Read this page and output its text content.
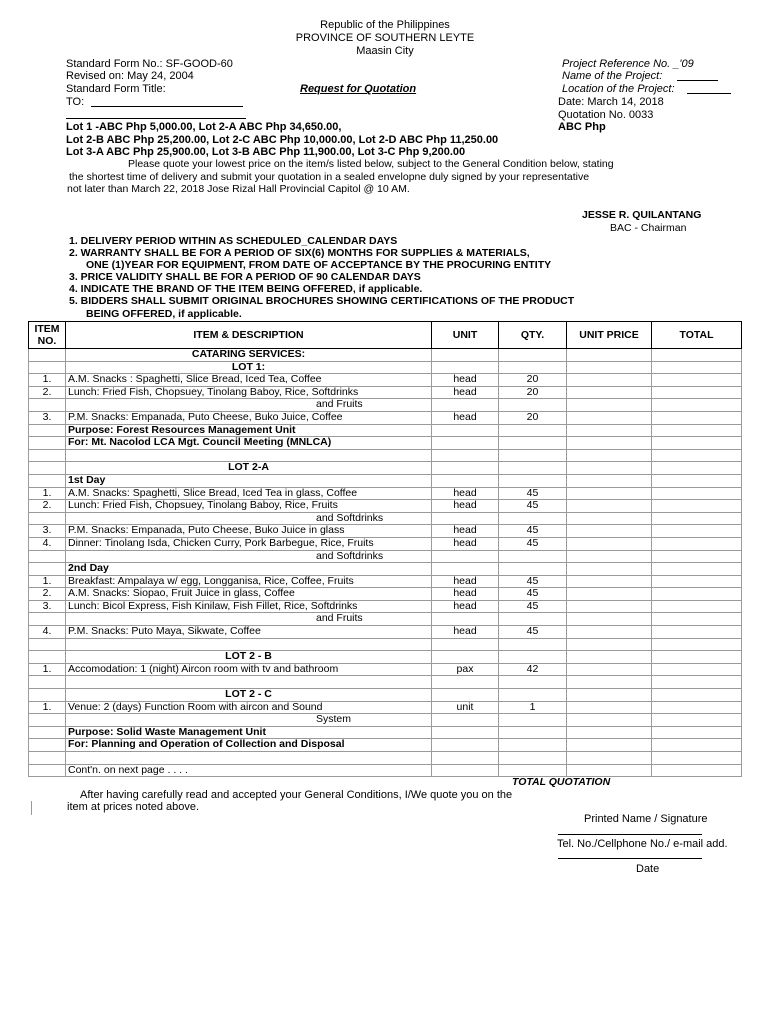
Republic of the Philippines
PROVINCE OF SOUTHERN LEYTE
Maasin City
Standard Form No.: SF-GOOD-60
Revised on: May 24, 2004
Standard Form Title:
TO:
Request for Quotation
Project Reference No. _'09
Name of the Project:
Location of the Project:
Date: March 14, 2018
Quotation No. 0033
ABC Php
Lot 1 -ABC Php 5,000.00, Lot 2-A ABC Php 34,650.00,
Lot 2-B ABC Php 25,200.00, Lot 2-C ABC Php 10,000.00, Lot 2-D ABC Php 11,250.00
Lot 3-A ABC Php 25,900.00, Lot 3-B ABC Php 11,900.00, Lot 3-C Php 9,200.00
Please quote your lowest price on the item/s listed below, subject to the General Condition below, stating
the shortest time of delivery and submit your quotation in a sealed envelopne duly signed by your representative
not later than March 22, 2018 Jose Rizal Hall Provincial Capitol @ 10 AM.
JESSE R. QUILANTANG
BAC - Chairman
1. DELIVERY PERIOD WITHIN AS SCHEDULED_CALENDAR DAYS
2. WARRANTY SHALL BE FOR A PERIOD OF SIX(6) MONTHS FOR SUPPLIES & MATERIALS,
ONE (1)YEAR FOR EQUIPMENT, FROM DATE OF ACCEPTANCE BY THE PROCURING ENTITY
3. PRICE VALIDITY SHALL BE FOR A PERIOD OF 90 CALENDAR DAYS
4. INDICATE THE BRAND OF THE ITEM BEING OFFERED, if applicable.
5. BIDDERS SHALL SUBMIT ORIGINAL BROCHURES SHOWING CERTIFICATIONS OF THE PRODUCT
BEING OFFERED, if applicable.
ITEM NO.	ITEM & DESCRIPTION	UNIT	QTY.	UNIT PRICE	TOTAL
	CATARING SERVICES:				
	LOT 1:				
1.	A.M. Snacks : Spaghetti, Slice Bread, Iced Tea, Coffee	head	20		
2.	Lunch: Fried Fish, Chopsuey, Tinolang Baboy, Rice, Softdrinks	head	20		
	and Fruits				
3.	P.M. Snacks: Empanada, Puto Cheese, Buko Juice, Coffee	head	20		
	Purpose: Forest Resources Management Unit				
	For: Mt. Nacolod LCA Mgt. Council Meeting (MNLCA)				

	LOT 2-A				
	1st Day				
1.	A.M. Snacks: Spaghetti, Slice Bread, Iced Tea in glass, Coffee	head	45		
2.	Lunch: Fried Fish, Chopsuey, Tinolang Baboy, Rice, Fruits	head	45		
	and Softdrinks				
3.	P.M. Snacks: Empanada, Puto Cheese, Buko Juice in glass	head	45		
4.	Dinner: Tinolang Isda, Chicken Curry, Pork Barbegue, Rice, Fruits	head	45		
	and Softdrinks				
	2nd Day				
1.	Breakfast: Ampalaya w/ egg, Longganisa, Rice, Coffee, Fruits	head	45		
2.	A.M. Snacks: Siopao, Fruit Juice in glass, Coffee	head	45		
3.	Lunch: Bicol Express, Fish Kinilaw, Fish Fillet, Rice, Softdrinks	head	45		
	and Fruits				
4.	P.M. Snacks: Puto Maya, Sikwate, Coffee	head	45		

	LOT 2 - B				
1.	Accomodation: 1 (night) Aircon room with tv and bathroom	pax	42		

	LOT 2 - C				
1.	Venue: 2 (days) Function Room with aircon and Sound	unit	1		
	System				
	Purpose: Solid Waste Management Unit				
	For: Planning and Operation of Collection and Disposal				

	Cont'n. on next page . . . .				
TOTAL QUOTATION
After having carefully read and accepted your General Conditions, I/We quote you on the
item at prices noted above.
Printed Name / Signature
Tel. No./Cellphone No./ e-mail add.
Date
